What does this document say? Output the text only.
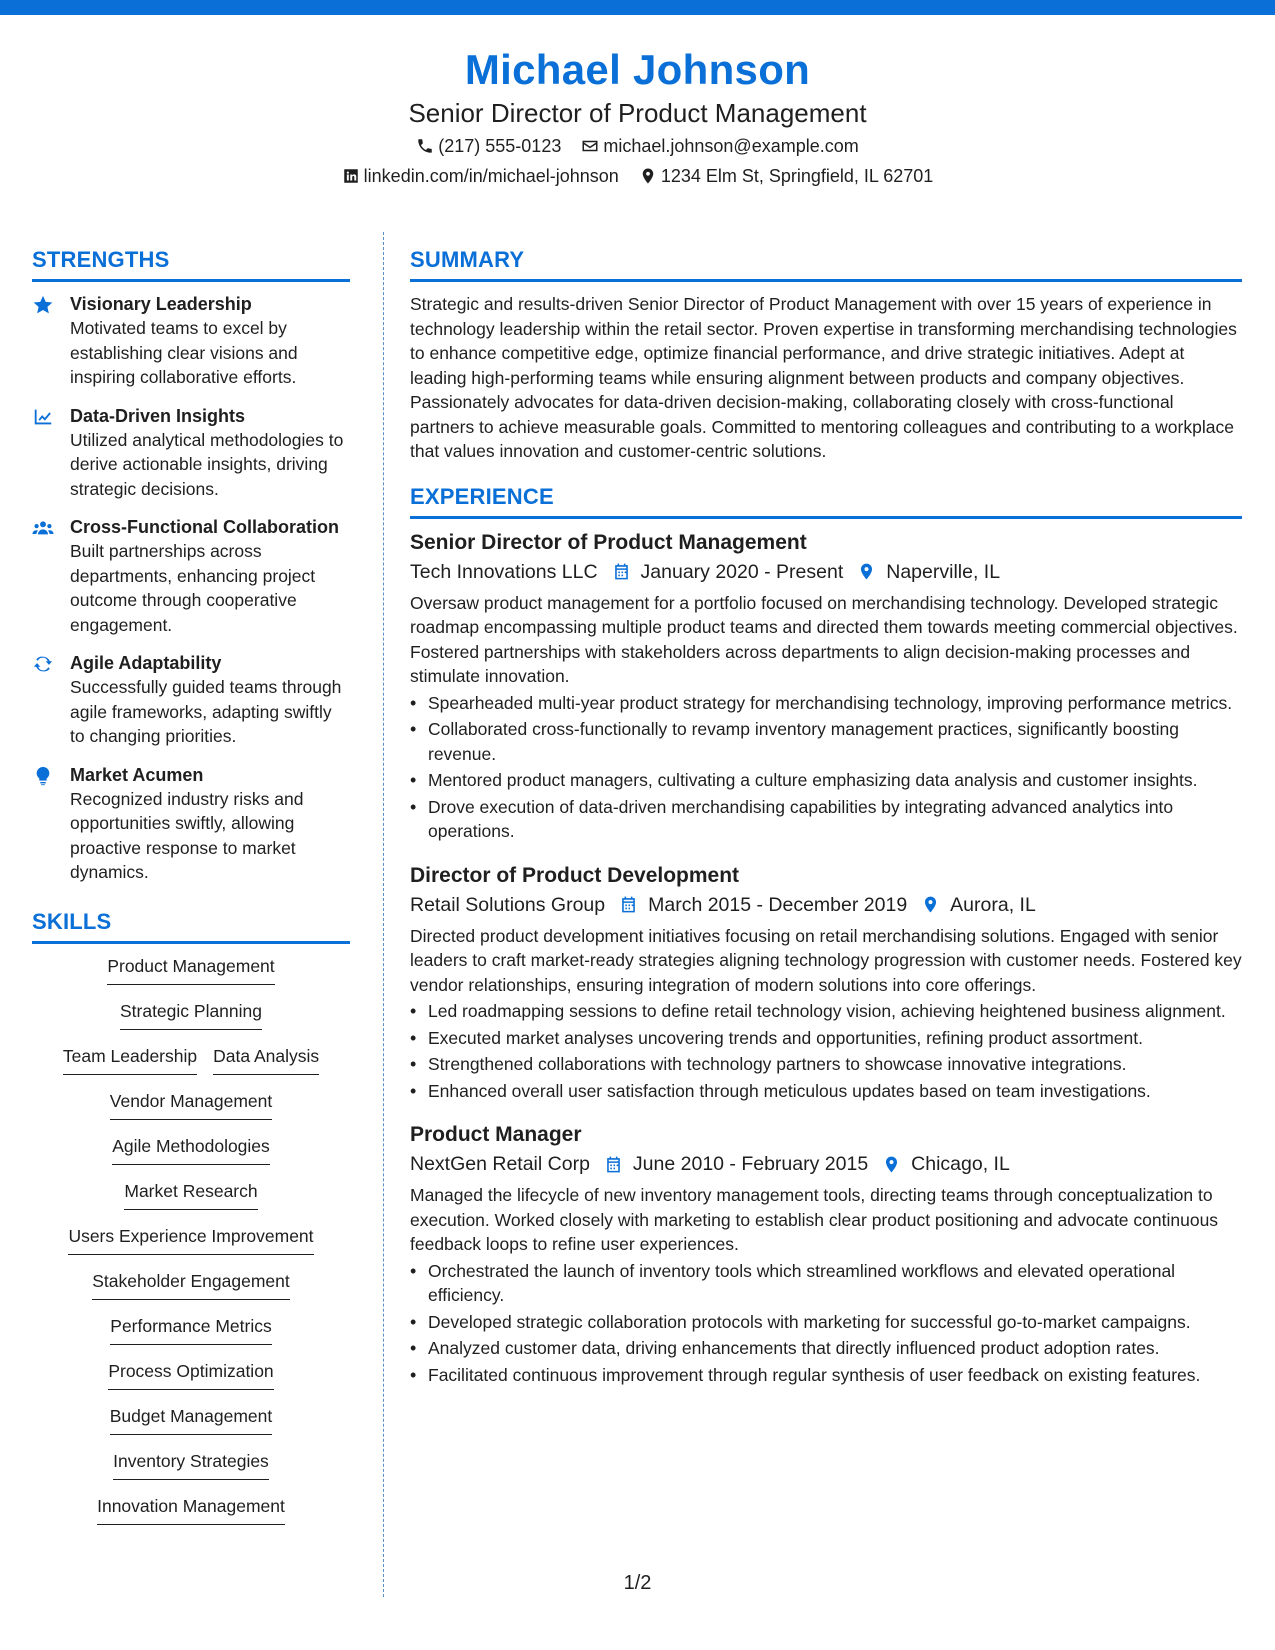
Michael Johnson
Senior Director of Product Management
(217) 555-0123 michael.johnson@example.com
linkedin.com/in/michael-johnson 1234 Elm St, Springfield, IL 62701
STRENGTHS
Visionary Leadership
Motivated teams to excel by establishing clear visions and inspiring collaborative efforts.
Data-Driven Insights
Utilized analytical methodologies to derive actionable insights, driving strategic decisions.
Cross-Functional Collaboration
Built partnerships across departments, enhancing project outcome through cooperative engagement.
Agile Adaptability
Successfully guided teams through agile frameworks, adapting swiftly to changing priorities.
Market Acumen
Recognized industry risks and opportunities swiftly, allowing proactive response to market dynamics.
SKILLS
Product Management
Strategic Planning
Team Leadership Data Analysis
Vendor Management
Agile Methodologies
Market Research
Users Experience Improvement
Stakeholder Engagement
Performance Metrics
Process Optimization
Budget Management
Inventory Strategies
Innovation Management
SUMMARY
Strategic and results-driven Senior Director of Product Management with over 15 years of experience in technology leadership within the retail sector. Proven expertise in transforming merchandising technologies to enhance competitive edge, optimize financial performance, and drive strategic initiatives. Adept at leading high-performing teams while ensuring alignment between products and company objectives. Passionately advocates for data-driven decision-making, collaborating closely with cross-functional partners to achieve measurable goals. Committed to mentoring colleagues and contributing to a workplace that values innovation and customer-centric solutions.
EXPERIENCE
Senior Director of Product Management
Tech Innovations LLC January 2020 - Present Naperville, IL
Oversaw product management for a portfolio focused on merchandising technology. Developed strategic roadmap encompassing multiple product teams and directed them towards meeting commercial objectives. Fostered partnerships with stakeholders across departments to align decision-making processes and stimulate innovation.
• Spearheaded multi-year product strategy for merchandising technology, improving performance metrics.
• Collaborated cross-functionally to revamp inventory management practices, significantly boosting revenue.
• Mentored product managers, cultivating a culture emphasizing data analysis and customer insights.
• Drove execution of data-driven merchandising capabilities by integrating advanced analytics into operations.
Director of Product Development
Retail Solutions Group March 2015 - December 2019 Aurora, IL
Directed product development initiatives focusing on retail merchandising solutions. Engaged with senior leaders to craft market-ready strategies aligning technology progression with customer needs. Fostered key vendor relationships, ensuring integration of modern solutions into core offerings.
• Led roadmapping sessions to define retail technology vision, achieving heightened business alignment.
• Executed market analyses uncovering trends and opportunities, refining product assortment.
• Strengthened collaborations with technology partners to showcase innovative integrations.
• Enhanced overall user satisfaction through meticulous updates based on team investigations.
Product Manager
NextGen Retail Corp June 2010 - February 2015 Chicago, IL
Managed the lifecycle of new inventory management tools, directing teams through conceptualization to execution. Worked closely with marketing to establish clear product positioning and advocate continuous feedback loops to refine user experiences.
• Orchestrated the launch of inventory tools which streamlined workflows and elevated operational efficiency.
• Developed strategic collaboration protocols with marketing for successful go-to-market campaigns.
• Analyzed customer data, driving enhancements that directly influenced product adoption rates.
• Facilitated continuous improvement through regular synthesis of user feedback on existing features.
1/2
